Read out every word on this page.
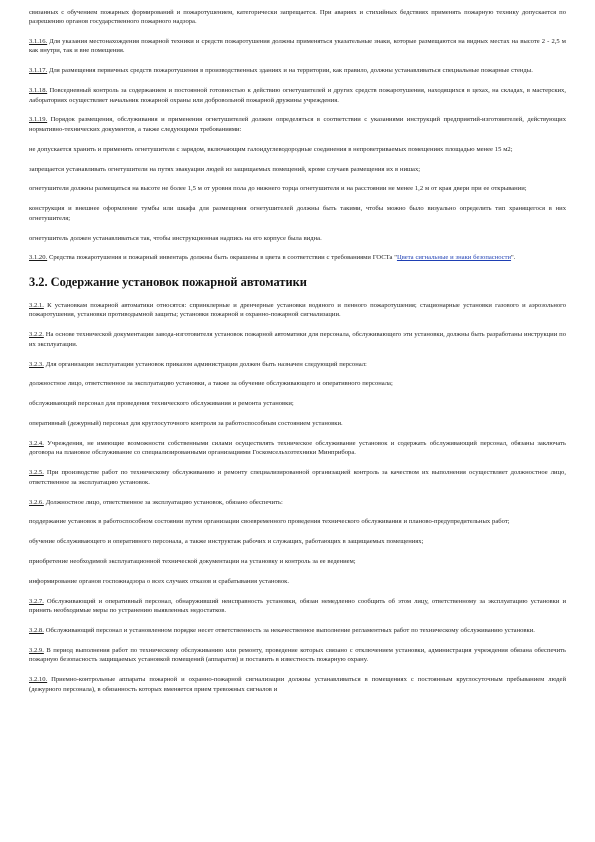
связанных с обучением пожарных формирований и пожаротушением, категорически запрещается. При авариях и стихийных бедствиях применять пожарную технику допускается по разрешению органов государственного пожарного надзора.

3.1.16. Для указания местонахождения пожарной техники и средств пожаротушения должны применяться указательные знаки, которые размещаются на видных местах на высоте 2 - 2,5 м как внутри, так и вне помещения.

3.1.17. Для размещения первичных средств пожаротушения в производственных зданиях и на территории, как правило, должны устанавливаться специальные пожарные стенды.

3.1.18. Повседневный контроль за содержанием и постоянной готовностью к действию огнетушителей и других средств пожаротушения, находящихся в цехах, на складах, в мастерских, лабораториях осуществляет начальник пожарной охраны или добровольной пожарной дружины учреждения.

3.1.19. Порядок размещения, обслуживания и применения огнетушителей должен определяться в соответствии с указаниями инструкций предприятий-изготовителей, действующих нормативно-технических документов, а также следующими требованиями:

не допускается хранить и применять огнетушители с зарядом, включающим галоидуглеводородные соединения в непроветриваемых помещениях площадью менее 15 м2;

запрещается устанавливать огнетушители на путях эвакуации людей из защищаемых помещений, кроме случаев размещения их в нишах;

огнетушители должны размещаться на высоте не более 1,5 м от уровня пола до нижнего торца огнетушителя и на расстоянии не менее 1,2 м от края двери при ее открывании;

конструкция и внешнее оформление тумбы или шкафа для размещения огнетушителей должны быть такими, чтобы можно было визуально определить тип хранящегося в них огнетушителя;

огнетушитель должен устанавливаться так, чтобы инструкционная надпись на его корпусе была видна.

3.1.20. Средства пожаротушения и пожарный инвентарь должны быть окрашены в цвета в соответствии с требованиями ГОСТа "Цвета сигнальные и знаки безопасности".

3.2. Содержание установок пожарной автоматики

3.2.1. К установкам пожарной автоматики относятся: спринклерные и дренчерные установки водяного и пенного пожаротушения; стационарные установки газового и аэрозольного пожаротушения, установки противодымной защиты; установки пожарной и охранно-пожарной сигнализации.

3.2.2. На основе технической документации завода-изготовителя установок пожарной автоматики для персонала, обслуживающего эти установки, должны быть разработаны инструкции по их эксплуатации.

3.2.3. Для организации эксплуатации установок приказом администрации должен быть назначен следующий персонал:

должностное лицо, ответственное за эксплуатацию установки, а также за обучение обслуживающего и оперативного персонала;

обслуживающий персонал для проведения технического обслуживания и ремонта установки;

оперативный (дежурный) персонал для круглосуточного контроля за работоспособным состоянием установки.

3.2.4. Учреждения, не имеющие возможности собственными силами осуществлять техническое обслуживание установок и содержать обслуживающий персонал, обязаны заключать договора на плановое обслуживание со специализированными организациями Госкомсельхозтехники Минприбора.

3.2.5. При производстве работ по техническому обслуживанию и ремонту специализированной организацией контроль за качеством их выполнения осуществляет должностное лицо, ответственное за эксплуатацию установок.

3.2.6. Должностное лицо, ответственное за эксплуатацию установок, обязано обеспечить:

поддержание установок в работоспособном состоянии путем организации своевременного проведения технического обслуживания и планово-предупредительных работ;

обучение обслуживающего и оперативного персонала, а также инструктаж рабочих и служащих, работающих в защищаемых помещениях;

приобретение необходимой эксплуатационной технической документации на установку и контроль за ее ведением;

информирование органов госпожнадзора о всех случаях отказов и срабатывания установок.

3.2.7. Обслуживающий и оперативный персонал, обнаруживший неисправность установки, обязан немедленно сообщить об этом лицу, ответственному за эксплуатацию установки и принять необходимые меры по устранению выявленных недостатков.

3.2.8. Обслуживающий персонал и установленном порядке несет ответственность за некачественное выполнение регламентных работ по техническому обслуживанию установки.

3.2.9. В период выполнения работ по техническому обслуживанию или ремонту, проведение которых связано с отключением установки, администрация учреждения обязана обеспечить пожарную безопасность защищаемых установкой помещений (аппаратов) и поставить в известность пожарную охрану.

3.2.10. Приемно-контрольные аппараты пожарной и охранно-пожарной сигнализации должны устанавливаться в помещениях с постоянным круглосуточным пребыванием людей (дежурного персонала), в обязанность которых вменяется прием тревожных сигналов и
